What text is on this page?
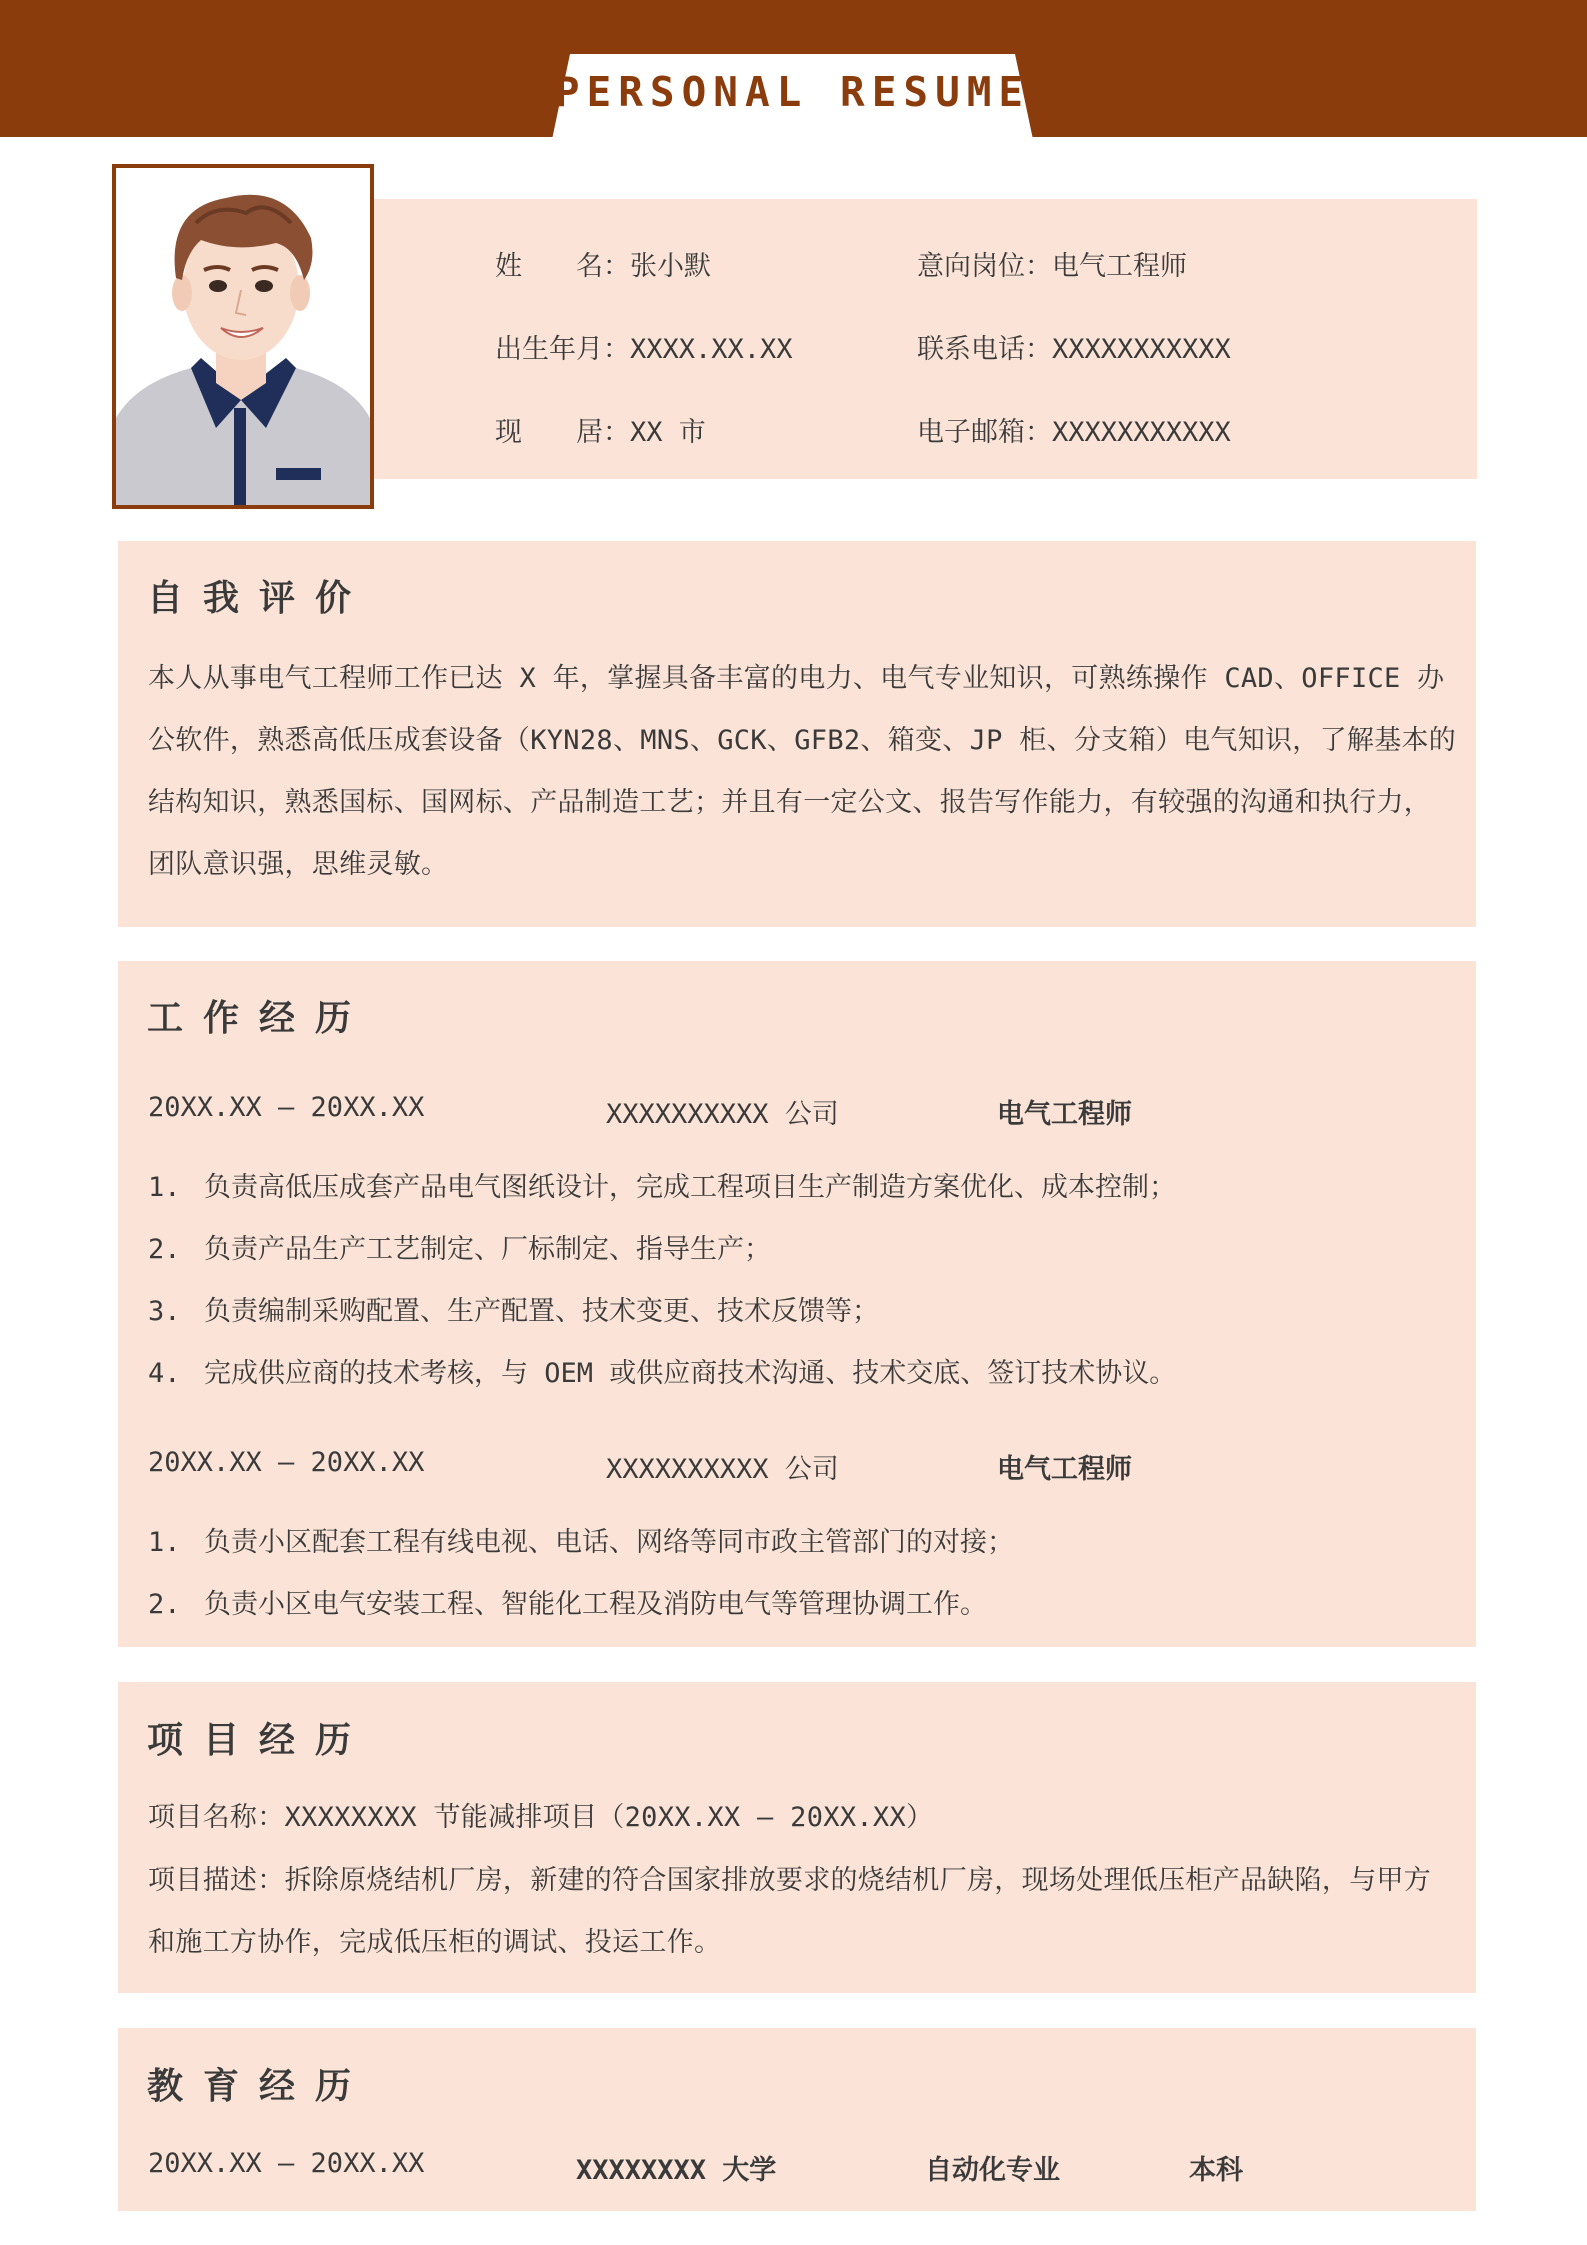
PERSONAL RESUME
姓　　名：张小默	意向岗位：电气工程师
出生年月：XXXX.XX.XX	联系电话：XXXXXXXXXXX
现　　居：XX 市	电子邮箱：XXXXXXXXXXX
自我评价
本人从事电气工程师工作已达 X 年，掌握具备丰富的电力、电气专业知识，可熟练操作 CAD、OFFICE 办公软件，熟悉高低压成套设备（KYN28、MNS、GCK、GFB2、箱变、JP 柜、分支箱）电气知识，了解基本的结构知识，熟悉国标、国网标、产品制造工艺；并且有一定公文、报告写作能力，有较强的沟通和执行力，团队意识强，思维灵敏。
工作经历
20XX.XX – 20XX.XX	XXXXXXXXXX 公司	电气工程师
1. 负责高低压成套产品电气图纸设计，完成工程项目生产制造方案优化、成本控制；
2. 负责产品生产工艺制定、厂标制定、指导生产；
3. 负责编制采购配置、生产配置、技术变更、技术反馈等；
4. 完成供应商的技术考核，与 OEM 或供应商技术沟通、技术交底、签订技术协议。
20XX.XX – 20XX.XX	XXXXXXXXXX 公司	电气工程师
1. 负责小区配套工程有线电视、电话、网络等同市政主管部门的对接；
2. 负责小区电气安装工程、智能化工程及消防电气等管理协调工作。
项目经历
项目名称：XXXXXXXX 节能减排项目（20XX.XX – 20XX.XX）
项目描述：拆除原烧结机厂房，新建的符合国家排放要求的烧结机厂房，现场处理低压柜产品缺陷，与甲方和施工方协作，完成低压柜的调试、投运工作。
教育经历
20XX.XX – 20XX.XX	XXXXXXXX 大学	自动化专业	本科
